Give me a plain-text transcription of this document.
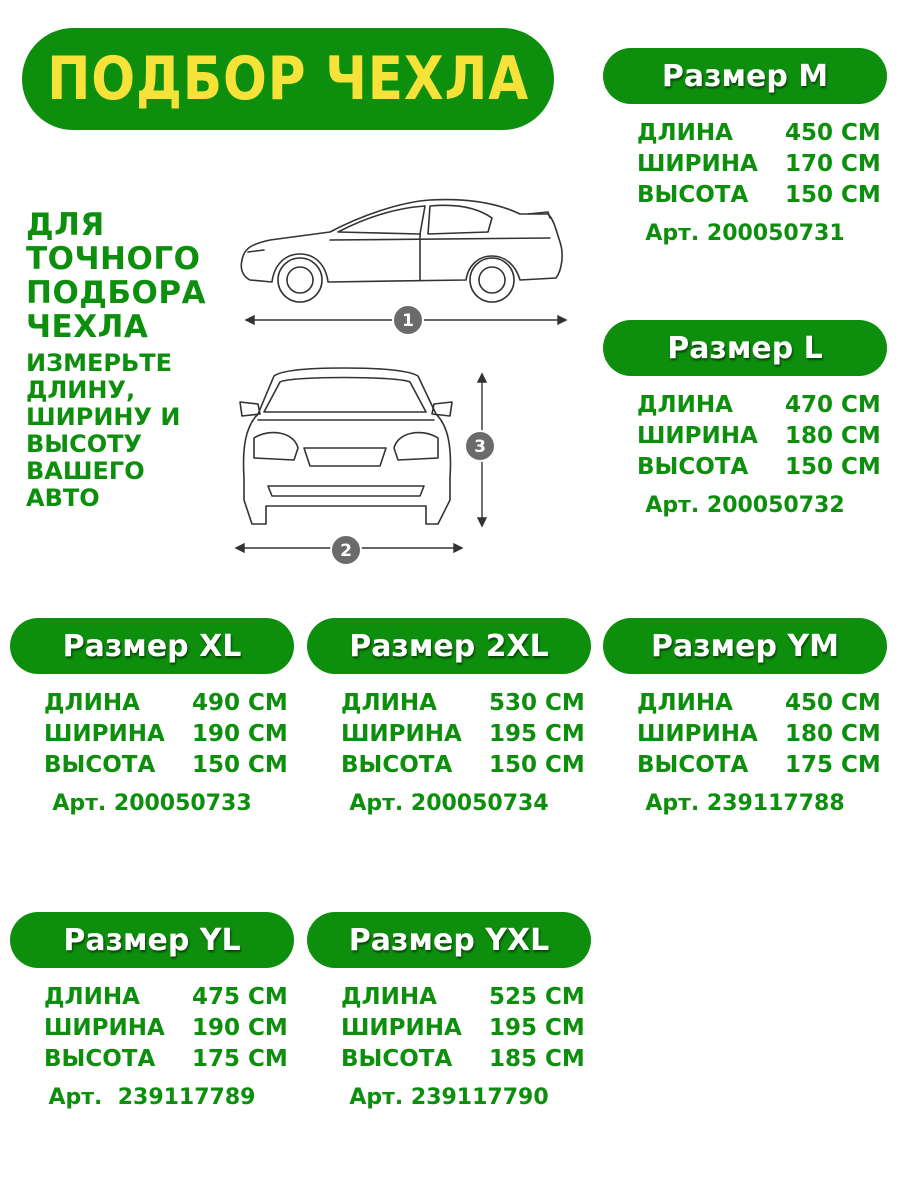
ПОДБОР ЧЕХЛА
ДЛЯ
ТОЧНОГО
ПОДБОРА
ЧЕХЛА
ИЗМЕРЬТЕ
ДЛИНУ,
ШИРИНУ И
ВЫСОТУ
ВАШЕГО
АВТО
1
3
2
Размер M
ДЛИНА	450 СМ
ШИРИНА	170 СМ
ВЫСОТА	150 СМ
Арт. 200050731
Размер L
ДЛИНА	470 СМ
ШИРИНА	180 СМ
ВЫСОТА	150 СМ
Арт. 200050732
Размер XL
ДЛИНА	490 СМ
ШИРИНА	190 СМ
ВЫСОТА	150 СМ
Арт. 200050733
Размер 2XL
ДЛИНА	530 СМ
ШИРИНА	195 СМ
ВЫСОТА	150 СМ
Арт. 200050734
Размер YM
ДЛИНА	450 СМ
ШИРИНА	180 СМ
ВЫСОТА	175 СМ
Арт. 239117788
Размер YL
ДЛИНА	475 СМ
ШИРИНА	190 СМ
ВЫСОТА	175 СМ
Арт.  239117789
Размер YXL
ДЛИНА	525 СМ
ШИРИНА	195 СМ
ВЫСОТА	185 СМ
Арт. 239117790
